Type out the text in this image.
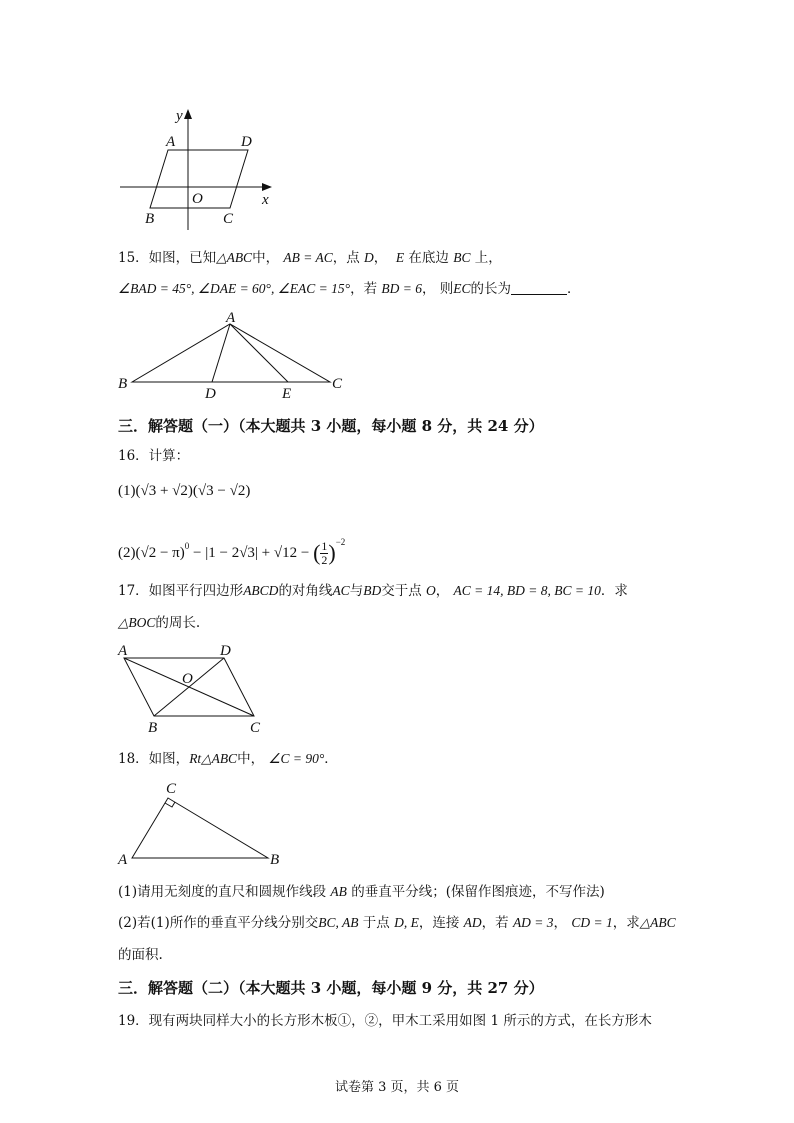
y
x
A	D
O
B	C
15．如图，已知△ABC中， AB = AC，点 D， E 在底边 BC 上，
∠BAD = 45°, ∠DAE = 60°, ∠EAC = 15°，若 BD = 6， 则EC的长为	．
A
B	C
D	E
三．解答题（一）（本大题共 3 小题，每小题 8 分，共 24 分）
16．计算：
(1)(√3 + √2)(√3 − √2)
$(2)(√2 - \pi)^0 - |1 - 2√3| + √12$ − ( $\frac{1}{2} )^{-2}$
17．如图平行四边形ABCD的对角线AC与BD交于点 O， AC = 14, BD = 8, BC = 10．求
△BOC的周长.
A	D
O
B	C
18．如图，Rt△ABC中， ∠C = 90°．
C
A	B
(1)请用无刻度的直尺和圆规作线段 AB 的垂直平分线；(保留作图痕迹，不写作法)
(2)若(1)所作的垂直平分线分别交BC, AB 于点 D, E，连接 AD，若 AD = 3， CD = 1，求△ABC
的面积.
三．解答题（二）（本大题共 3 小题，每小题 9 分，共 27 分）
19．现有两块同样大小的长方形木板①，②，甲木工采用如图 1 所示的方式，在长方形木
试卷第 3 页，共 6 页
